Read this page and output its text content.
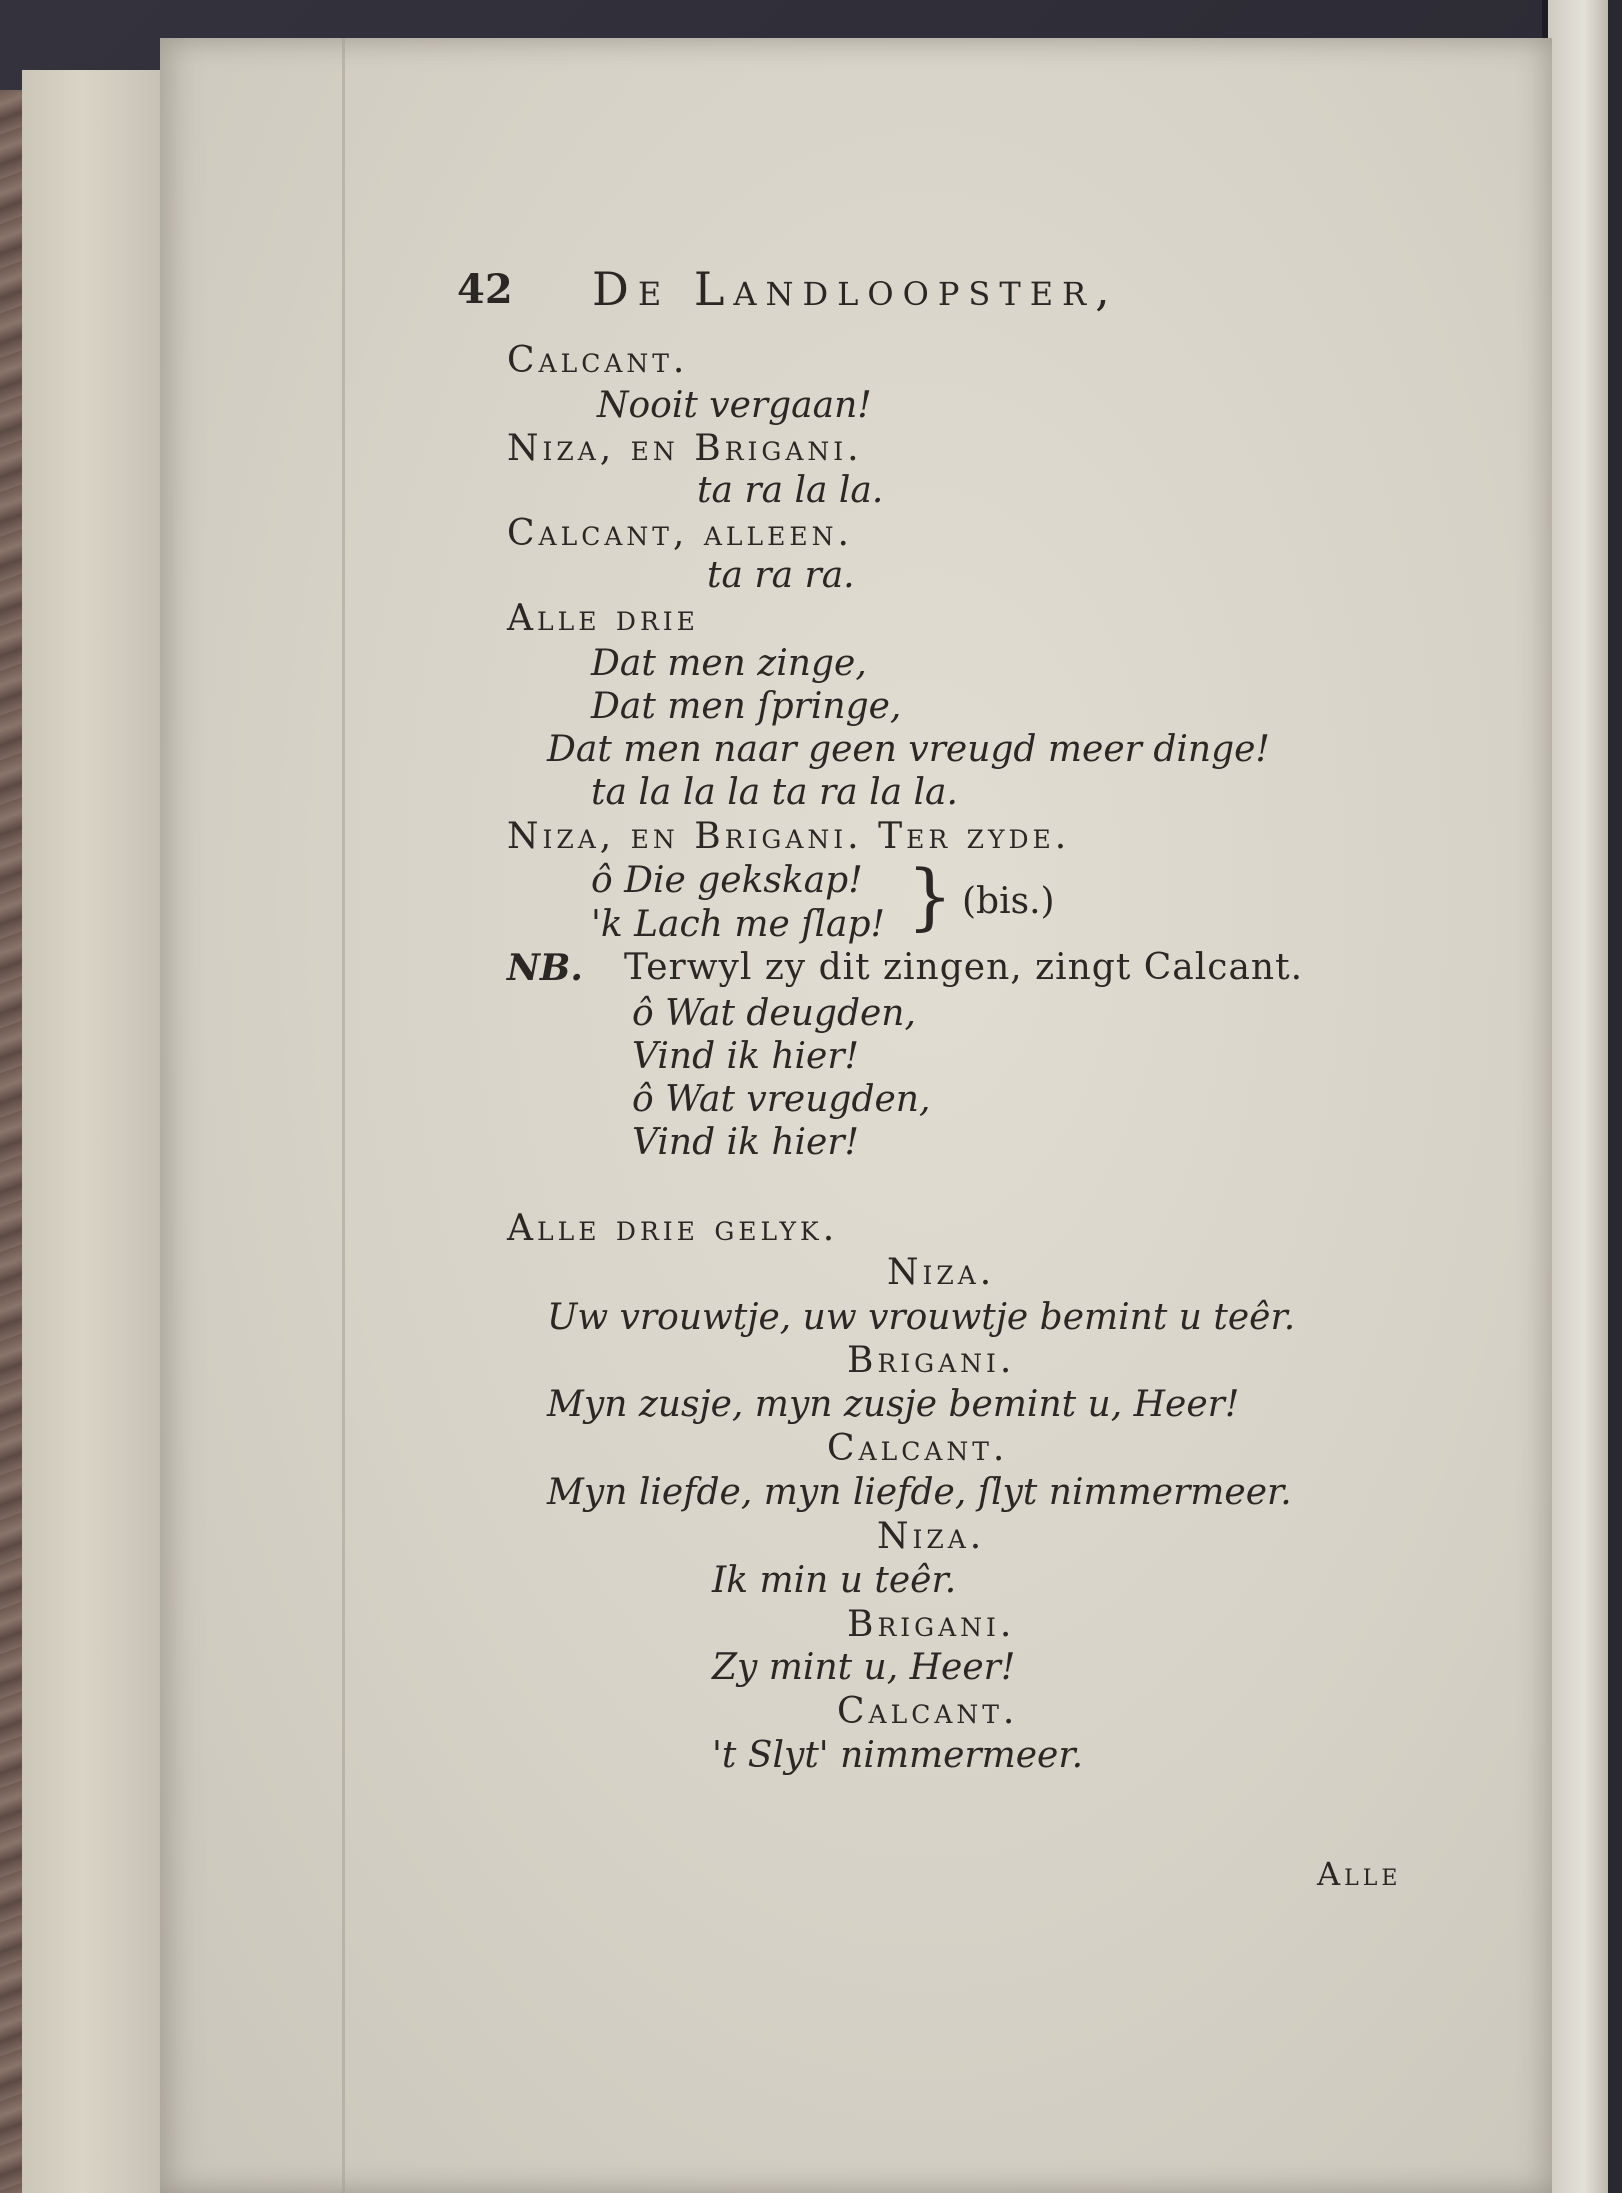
42 De Landloopster,

Calcant.

Nooit vergaan!

Niza, en Brigani.

ta ra la la.

Calcant, alleen.

ta ra ra.

Alle drie

Dat men zinge,

Dat men ſpringe,

Dat men naar geen vreugd meer dinge!

ta la la la ta ra la la.

Niza, en Brigani. Ter zyde.

ô Die gekskap!

'k Lach me ſlap! } (bis.)

NB. Terwyl zy dit zingen, zingt Calcant.

ô Wat deugden,

Vind ik hier!

ô Wat vreugden,

Vind ik hier!

Alle drie gelyk.

Niza.

Uw vrouwtje, uw vrouwtje bemint u teêr.

Brigani.

Myn zusje, myn zusje bemint u, Heer!

Calcant.

Myn liefde, myn liefde, ſlyt nimmermeer.

Niza.

Ik min u teêr.

Brigani.

Zy mint u, Heer!

Calcant.

't Slyt' nimmermeer.

Alle
